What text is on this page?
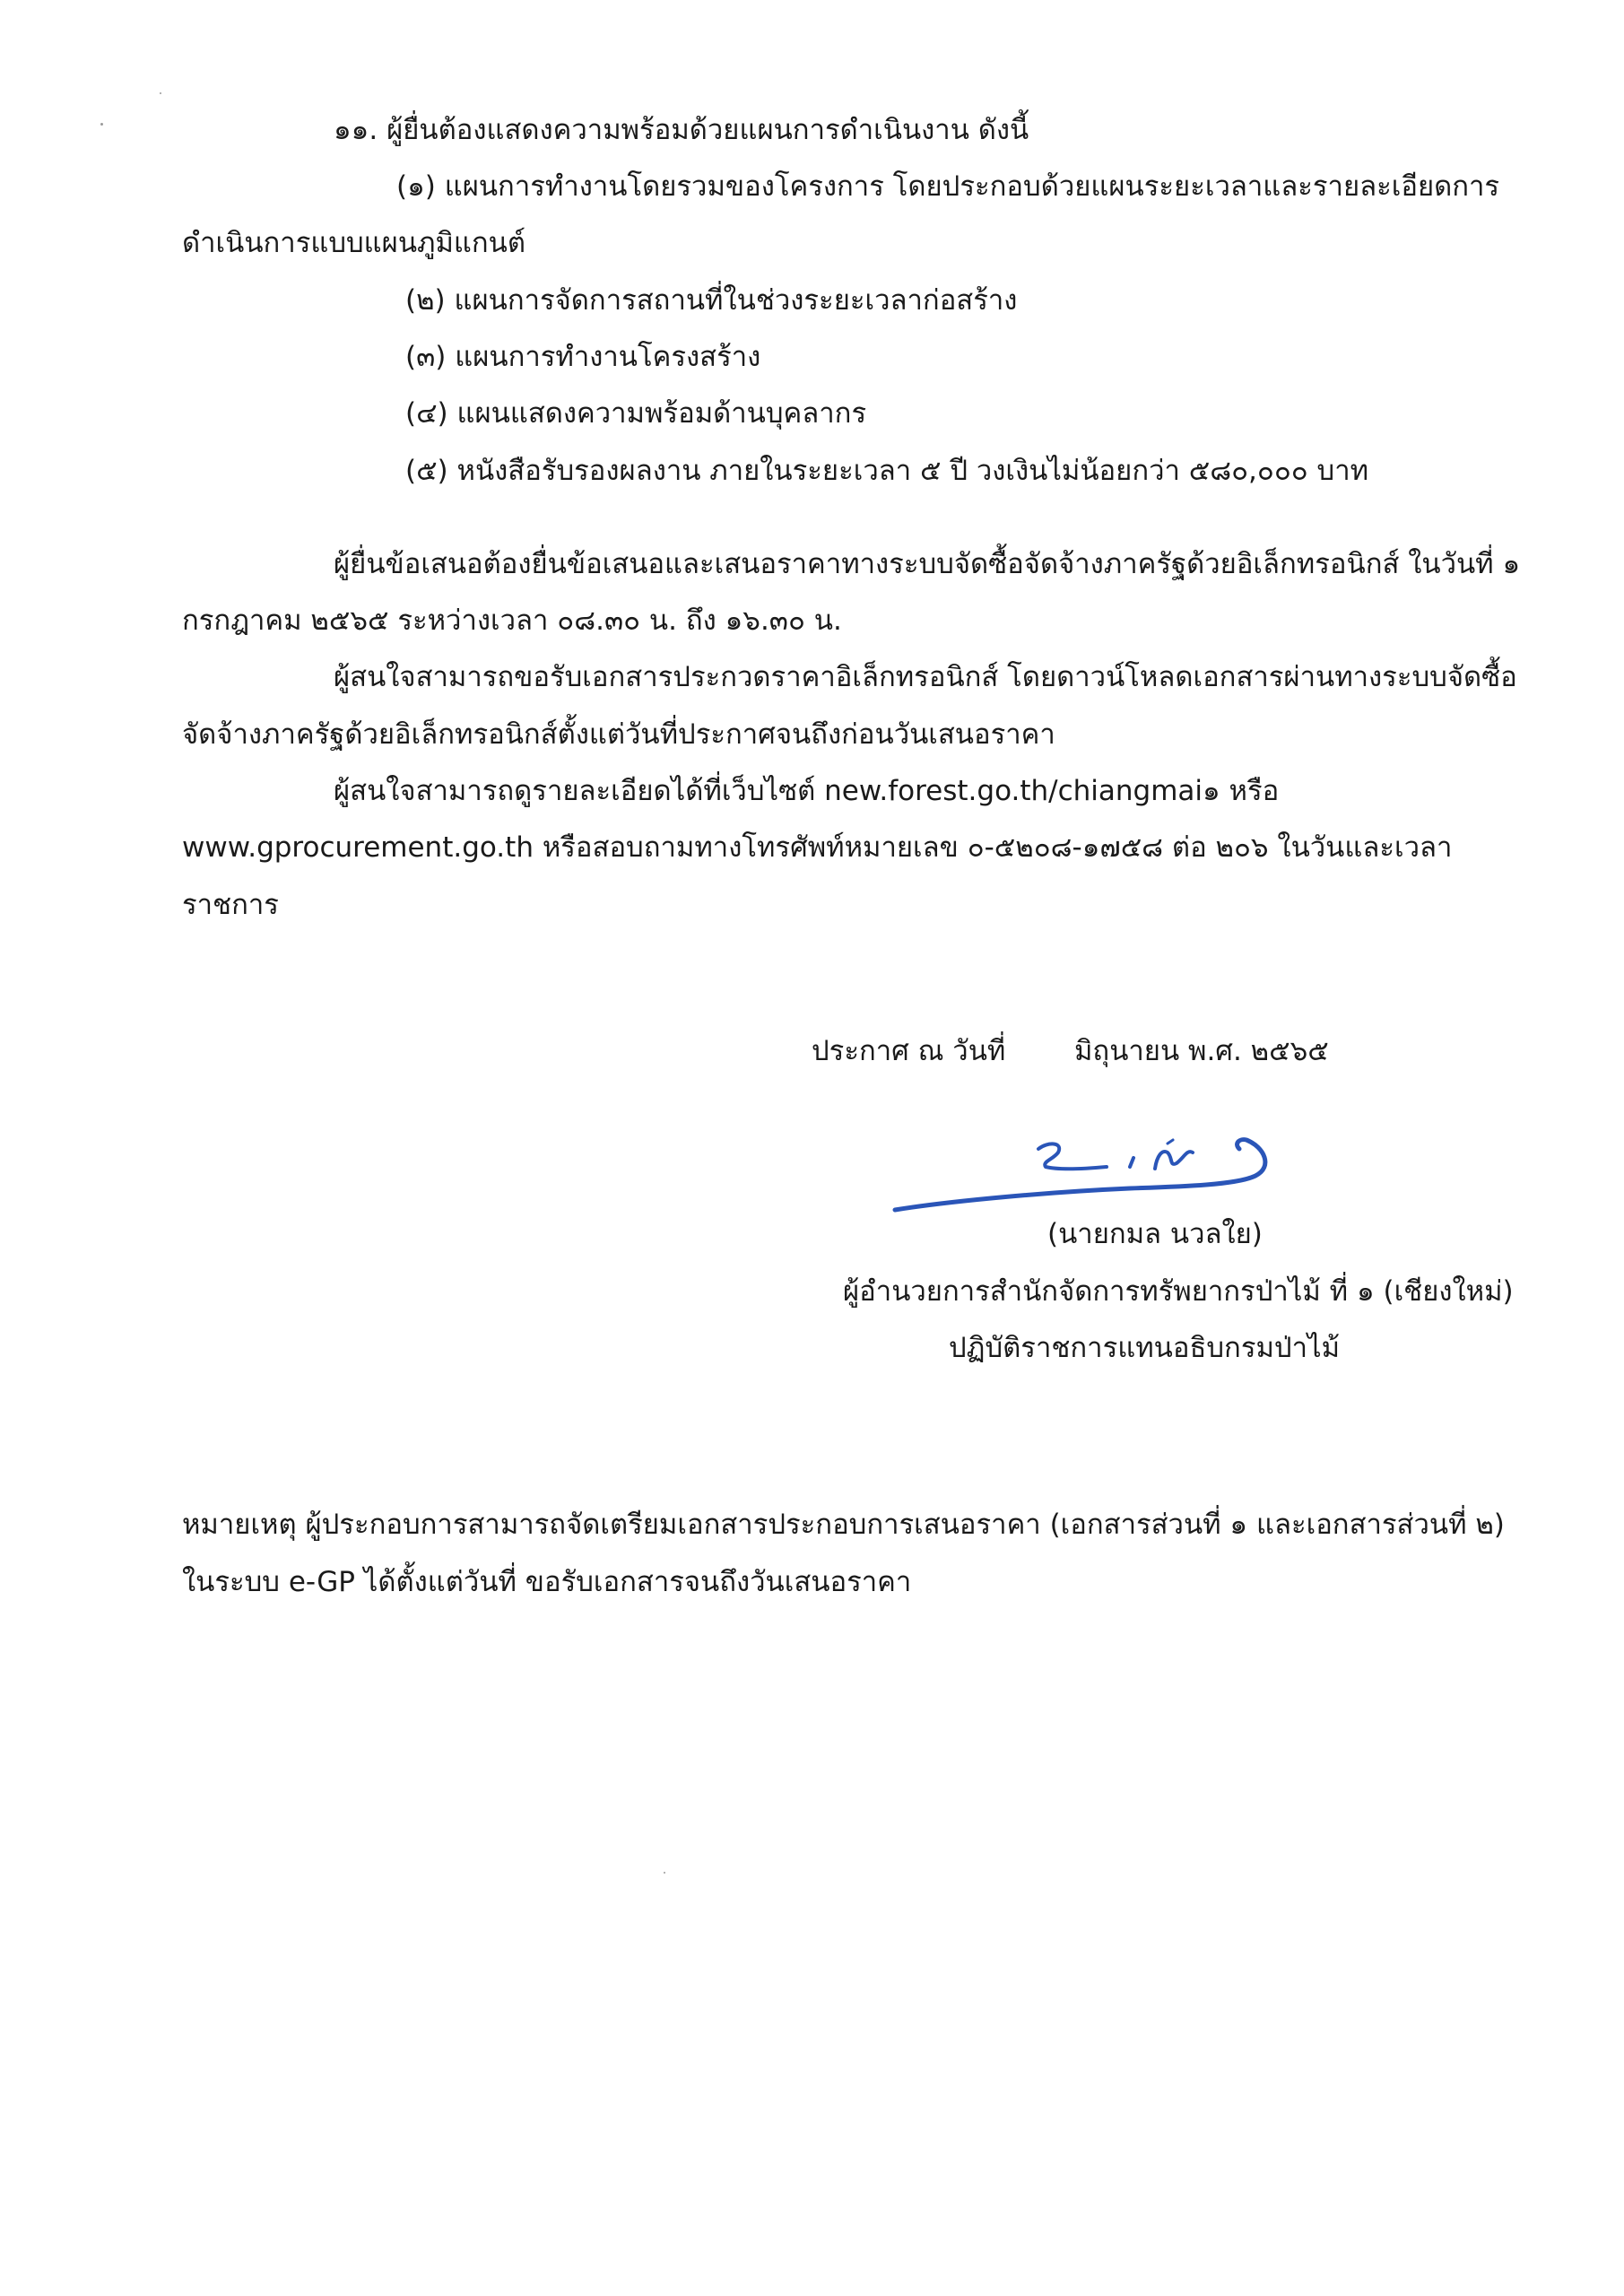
๑๑. ผู้ยื่นต้องแสดงความพร้อมด้วยแผนการดำเนินงาน ดังนี้
(๑) แผนการทำงานโดยรวมของโครงการ โดยประกอบด้วยแผนระยะเวลาและรายละเอียดการ
ดำเนินการแบบแผนภูมิแกนต์
(๒) แผนการจัดการสถานที่ในช่วงระยะเวลาก่อสร้าง
(๓) แผนการทำงานโครงสร้าง
(๔) แผนแสดงความพร้อมด้านบุคลากร
(๕) หนังสือรับรองผลงาน ภายในระยะเวลา ๕ ปี วงเงินไม่น้อยกว่า ๕๘๐,๐๐๐ บาท
ผู้ยื่นข้อเสนอต้องยื่นข้อเสนอและเสนอราคาทางระบบจัดซื้อจัดจ้างภาครัฐด้วยอิเล็กทรอนิกส์ ในวันที่ ๑
กรกฎาคม ๒๕๖๕ ระหว่างเวลา ๐๘.๓๐ น. ถึง ๑๖.๓๐ น.
ผู้สนใจสามารถขอรับเอกสารประกวดราคาอิเล็กทรอนิกส์ โดยดาวน์โหลดเอกสารผ่านทางระบบจัดซื้อ
จัดจ้างภาครัฐด้วยอิเล็กทรอนิกส์ตั้งแต่วันที่ประกาศจนถึงก่อนวันเสนอราคา
ผู้สนใจสามารถดูรายละเอียดได้ที่เว็บไซต์ new.forest.go.th/chiangmai๑ หรือ
www.gprocurement.go.th หรือสอบถามทางโทรศัพท์หมายเลข ๐-๕๒๐๘-๑๗๕๘ ต่อ ๒๐๖ ในวันและเวลา
ราชการ
ประกาศ ณ วันที่ มิถุนายน พ.ศ. ๒๕๖๕
(นายกมล นวลใย)
ผู้อำนวยการสำนักจัดการทรัพยากรป่าไม้ ที่ ๑ (เชียงใหม่)
ปฏิบัติราชการแทนอธิบกรมป่าไม้
หมายเหตุ ผู้ประกอบการสามารถจัดเตรียมเอกสารประกอบการเสนอราคา (เอกสารส่วนที่ ๑ และเอกสารส่วนที่ ๒)
ในระบบ e-GP ได้ตั้งแต่วันที่ ขอรับเอกสารจนถึงวันเสนอราคา
